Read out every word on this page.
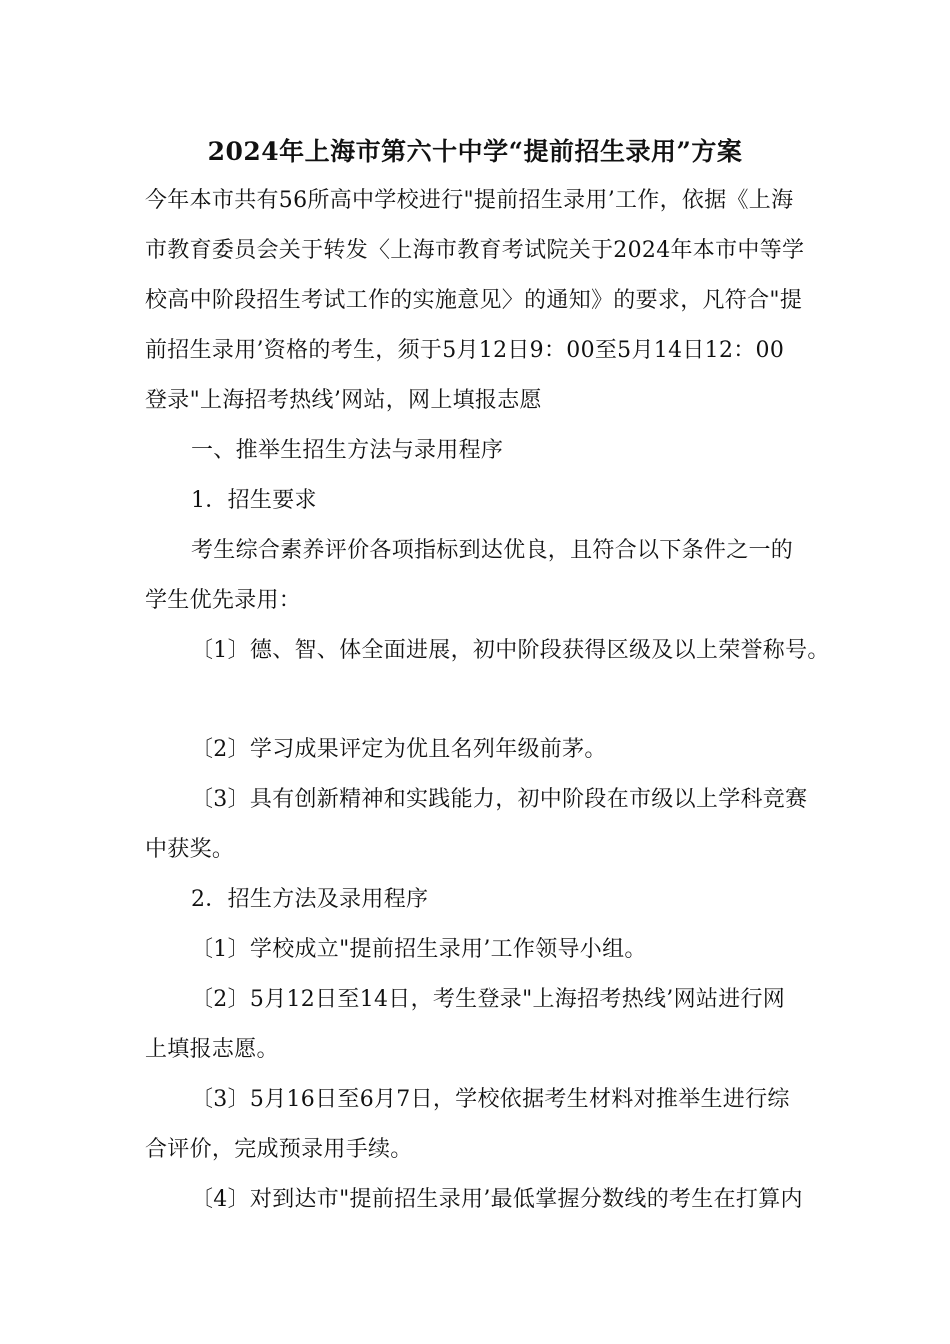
2024年上海市第六十中学“提前招生录用”方案
今年本市共有56所高中学校进行"提前招生录用’工作，依据《上海
市教育委员会关于转发〈上海市教育考试院关于2024年本市中等学
校高中阶段招生考试工作的实施意见〉的通知》的要求，凡符合"提
前招生录用’资格的考生，须于5月12日9：00至5月14日12：00
登录"上海招考热线’网站，网上填报志愿
一、推举生招生方法与录用程序
1．招生要求
考生综合素养评价各项指标到达优良，且符合以下条件之一的
学生优先录用：
〔1〕德、智、体全面进展，初中阶段获得区级及以上荣誉称号。
〔2〕学习成果评定为优且名列年级前茅。
〔3〕具有创新精神和实践能力，初中阶段在市级以上学科竞赛
中获奖。
2．招生方法及录用程序
〔1〕学校成立"提前招生录用’工作领导小组。
〔2〕5月12日至14日，考生登录"上海招考热线’网站进行网
上填报志愿。
〔3〕5月16日至6月7日，学校依据考生材料对推举生进行综
合评价，完成预录用手续。
〔4〕对到达市"提前招生录用’最低掌握分数线的考生在打算内
